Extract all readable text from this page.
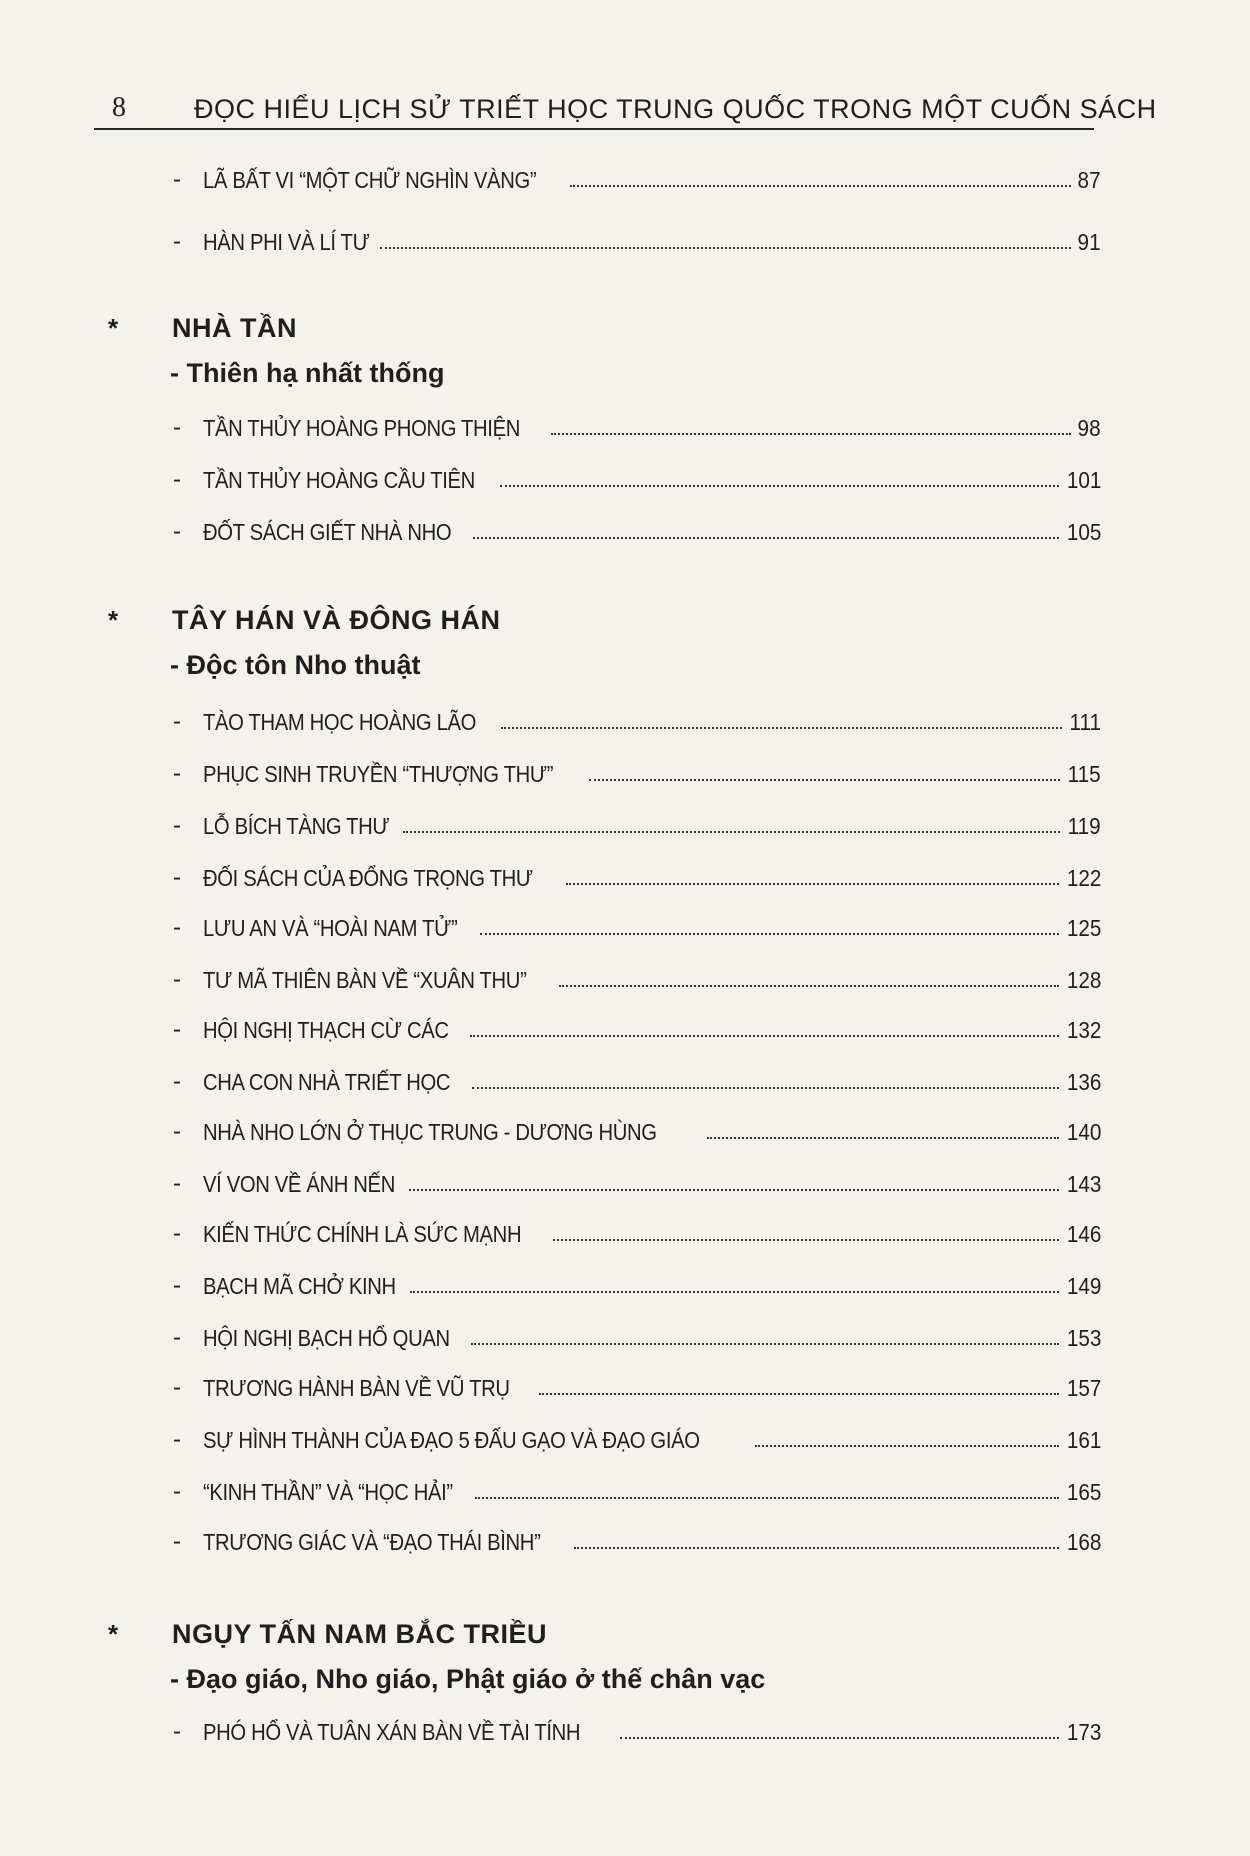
8	ĐỌC HIỂU LỊCH SỬ TRIẾT HỌC TRUNG QUỐC TRONG MỘT CUỐN SÁCH
- LÃ BẤT VI “MỘT CHỮ NGHÌN VÀNG”	87
- HÀN PHI VÀ LÍ TƯ	91
*	NHÀ TẦN
- Thiên hạ nhất thống
- TẦN THỦY HOÀNG PHONG THIỆN	98
- TẦN THỦY HOÀNG CẦU TIÊN	101
- ĐỐT SÁCH GIẾT NHÀ NHO	105
*	TÂY HÁN VÀ ĐÔNG HÁN
- Độc tôn Nho thuật
- TÀO THAM HỌC HOÀNG LÃO	111
- PHỤC SINH TRUYỀN “THƯỢNG THƯ”	115
- LỖ BÍCH TÀNG THƯ	119
- ĐỐI SÁCH CỦA ĐỔNG TRỌNG THƯ	122
- LƯU AN VÀ “HOÀI NAM TỬ”	125
- TƯ MÃ THIÊN BÀN VỀ “XUÂN THU”	128
- HỘI NGHỊ THẠCH CỪ CÁC	132
- CHA CON NHÀ TRIẾT HỌC	136
- NHÀ NHO LỚN Ở THỤC TRUNG - DƯƠNG HÙNG	140
- VÍ VON VỀ ÁNH NẾN	143
- KIẾN THỨC CHÍNH LÀ SỨC MẠNH	146
- BẠCH MÃ CHỞ KINH	149
- HỘI NGHỊ BẠCH HỔ QUAN	153
- TRƯƠNG HÀNH BÀN VỀ VŨ TRỤ	157
- SỰ HÌNH THÀNH CỦA ĐẠO 5 ĐẤU GẠO VÀ ĐẠO GIÁO	161
- “KINH THẦN” VÀ “HỌC HẢI”	165
- TRƯƠNG GIÁC VÀ “ĐẠO THÁI BÌNH”	168
*	NGỤY TẤN NAM BẮC TRIỀU
- Đạo giáo, Nho giáo, Phật giáo ở thế chân vạc
- PHÓ HỔ VÀ TUÂN XÁN BÀN VỀ TÀI TÍNH	173
